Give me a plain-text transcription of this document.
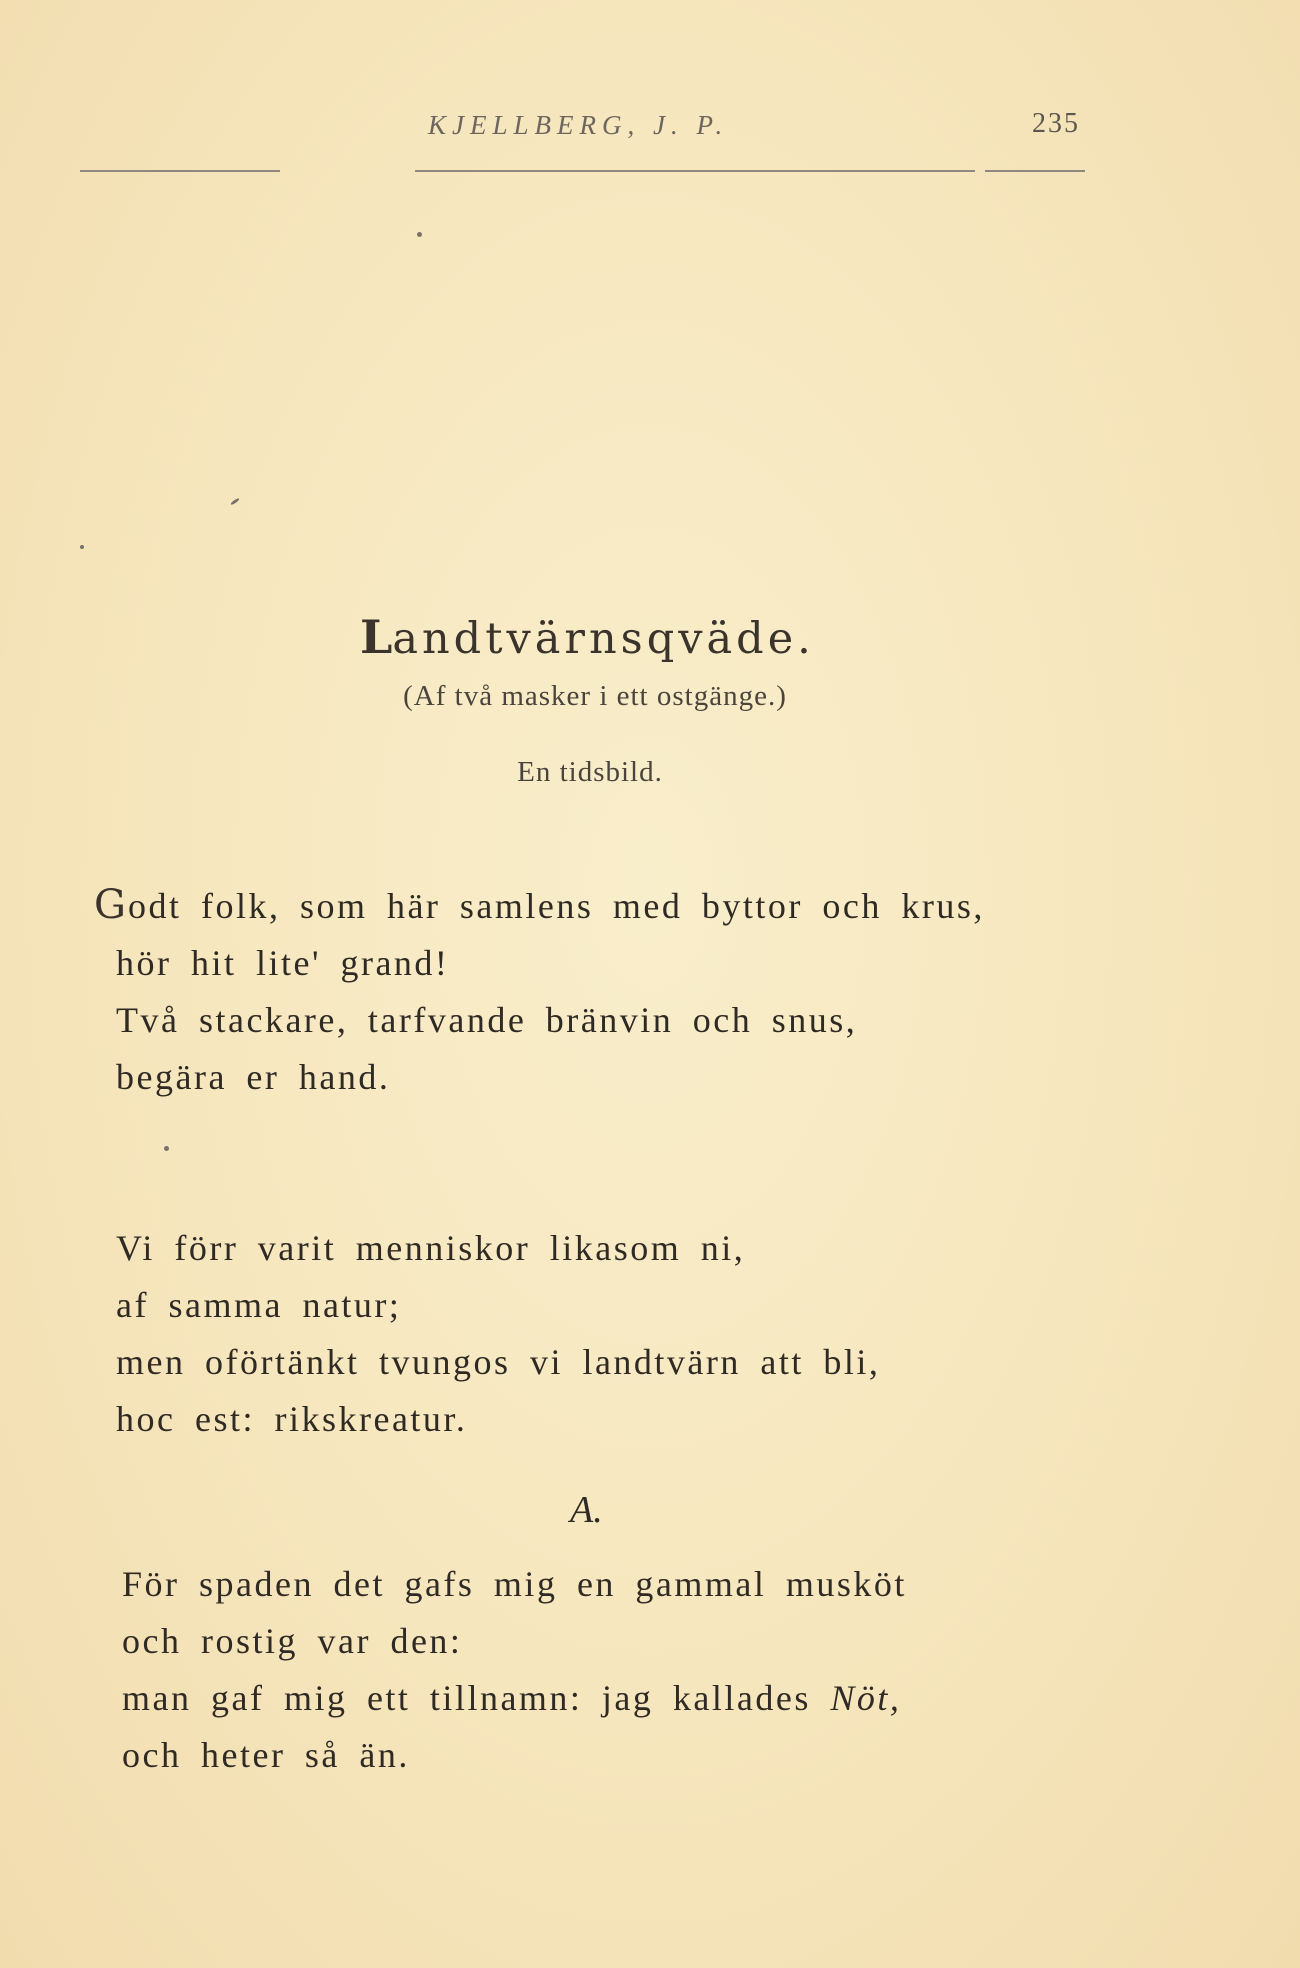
KJELLBERG, J. P.	235
Landtvärnsqväde.
(Af två masker i ett ostgänge.)
En tidsbild.
Godt folk, som här samlens med byttor och krus,
hör hit lite' grand!
Två stackare, tarfvande bränvin och snus,
begära er hand.
Vi förr varit menniskor likasom ni,
af samma natur;
men oförtänkt tvungos vi landtvärn att bli,
hoc est: rikskreatur.
A.
För spaden det gafs mig en gammal musköt
och rostig var den:
man gaf mig ett tillnamn: jag kallades Nöt,
och heter så än.
